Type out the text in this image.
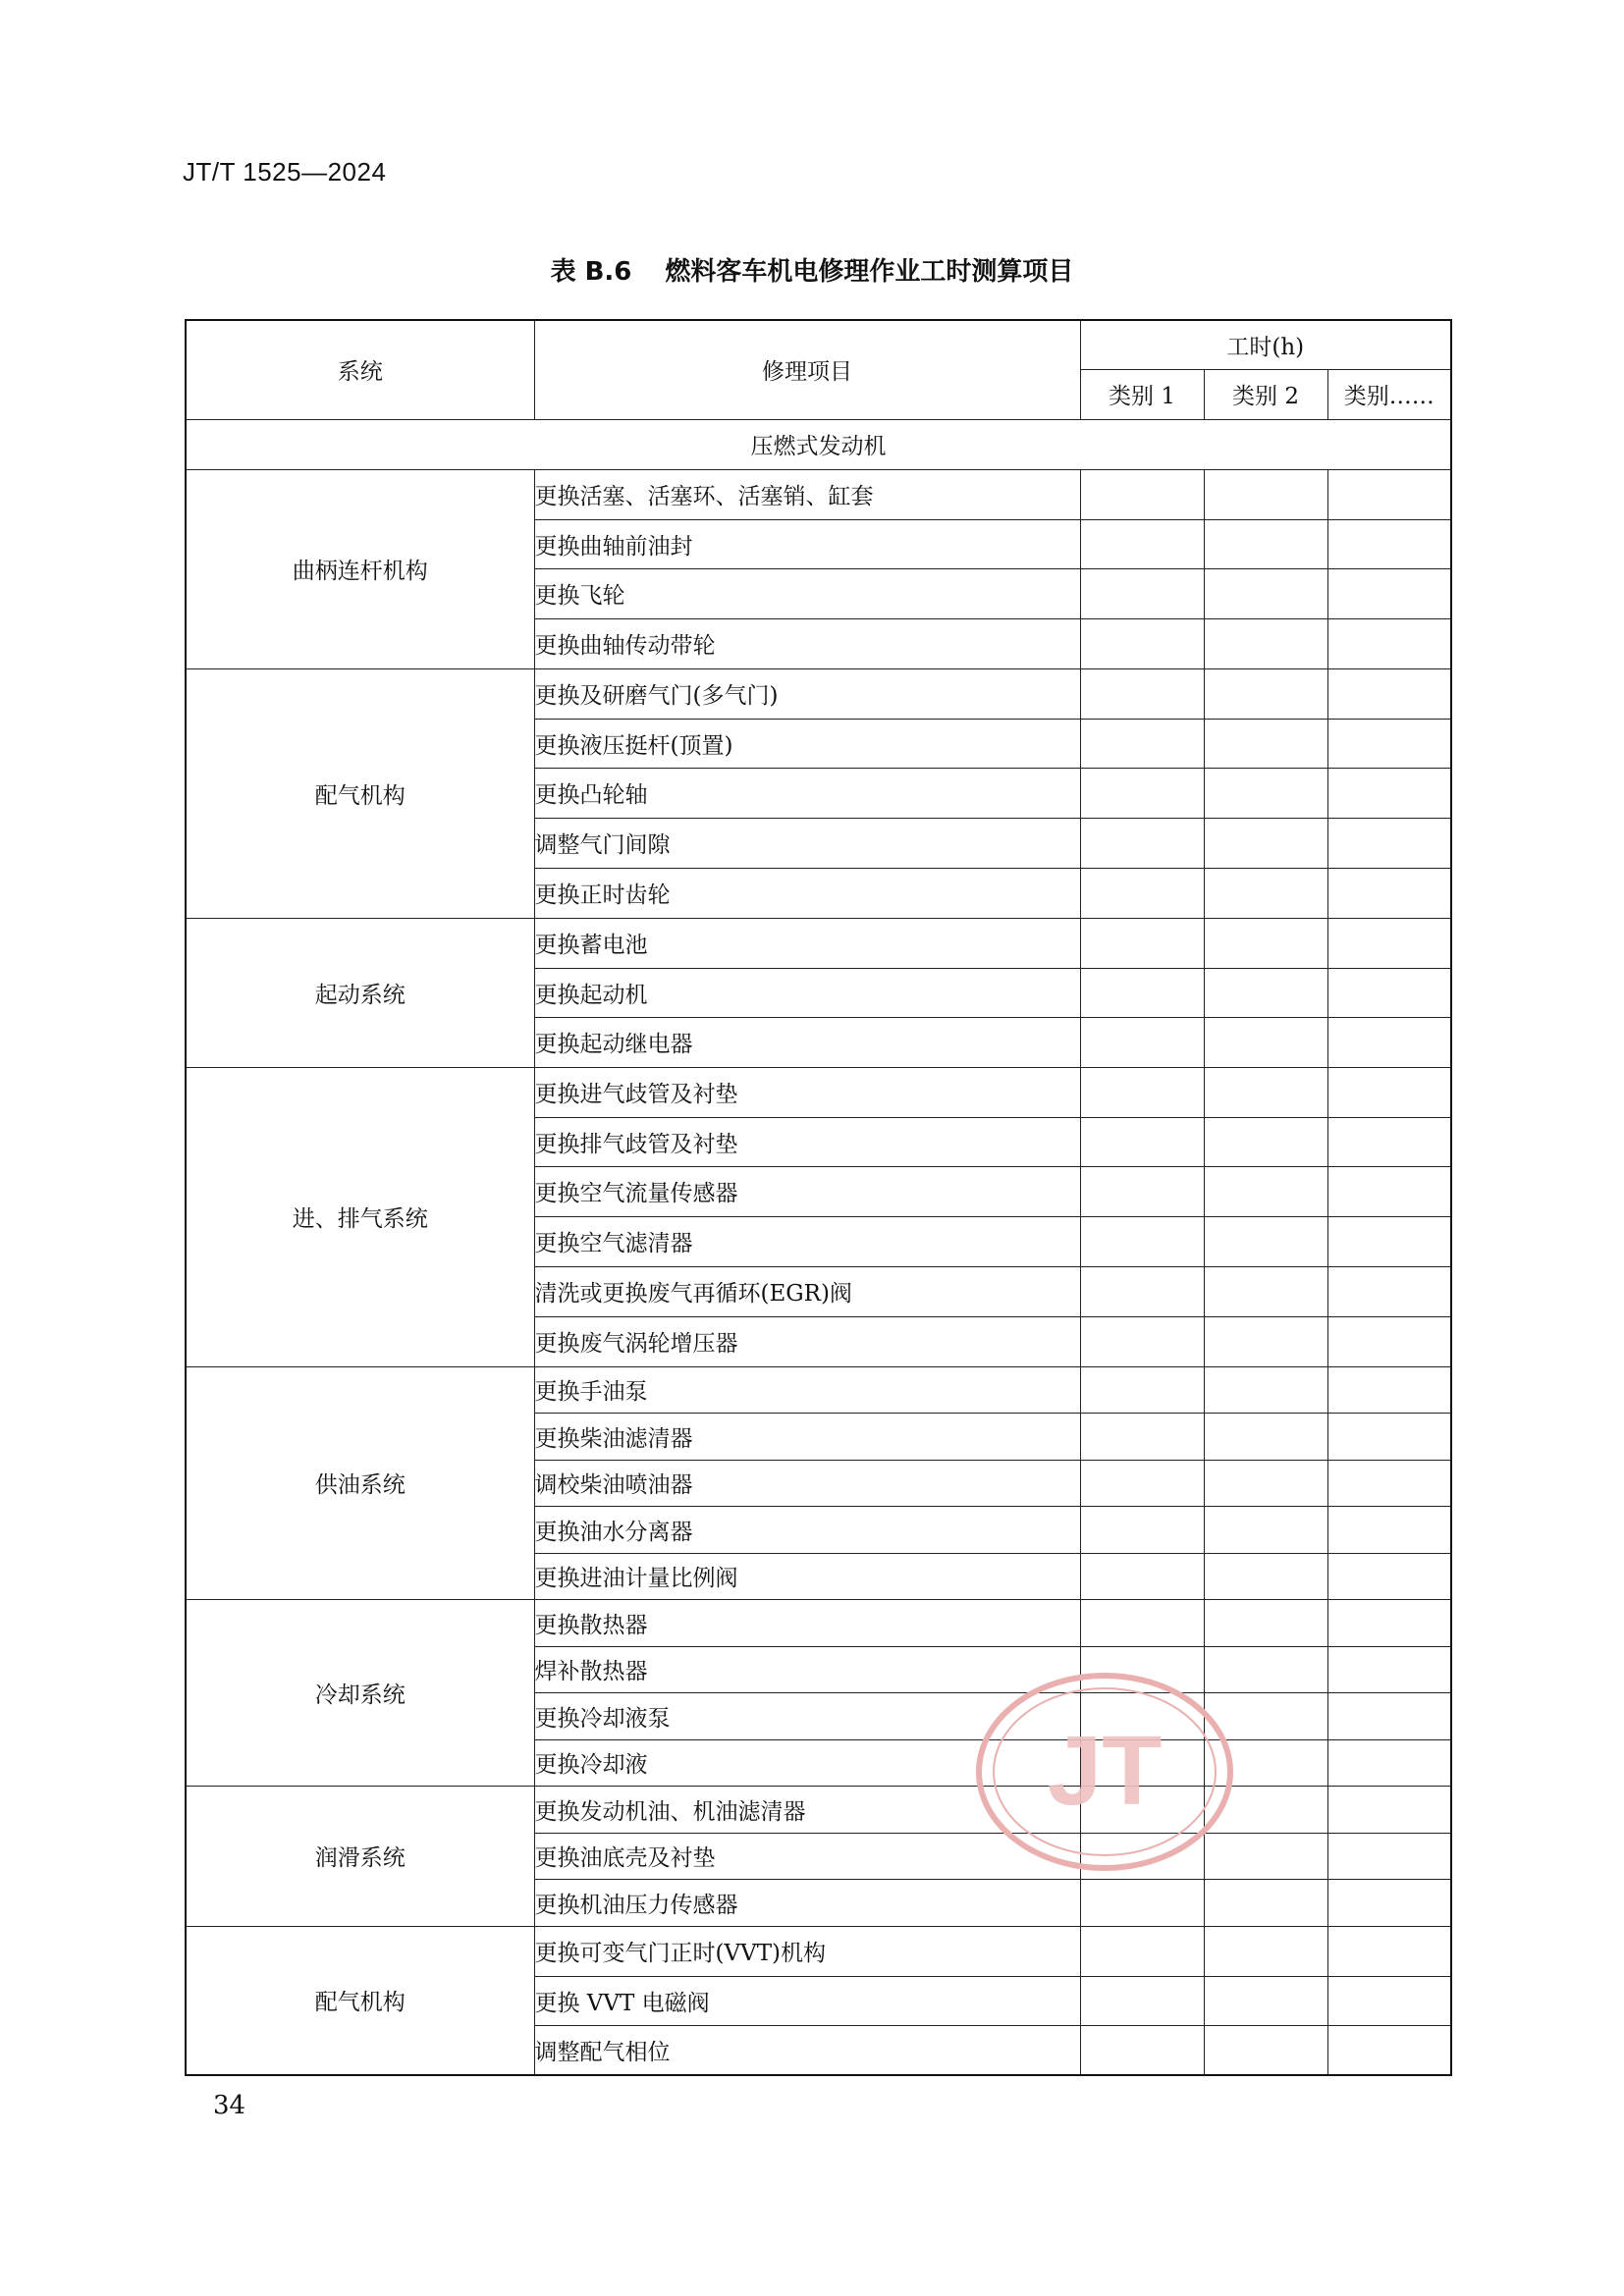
JT/T 1525—2024
表 B.6 燃料客车机电修理作业工时测算项目
系统	修理项目	工时(h)		
		类别 1	类别 2	类别……
压燃式发动机				
曲柄连杆机构	更换活塞、活塞环、活塞销、缸套			
	更换曲轴前油封			
	更换飞轮			
	更换曲轴传动带轮			
配气机构	更换及研磨气门(多气门)			
	更换液压挺杆(顶置)			
	更换凸轮轴			
	调整气门间隙			
	更换正时齿轮			
起动系统	更换蓄电池			
	更换起动机			
	更换起动继电器			
进、排气系统	更换进气歧管及衬垫			
	更换排气歧管及衬垫			
	更换空气流量传感器			
	更换空气滤清器			
	清洗或更换废气再循环(EGR)阀			
	更换废气涡轮增压器			
供油系统	更换手油泵			
	更换柴油滤清器			
	调校柴油喷油器			
	更换油水分离器			
	更换进油计量比例阀			
冷却系统	更换散热器			
	焊补散热器			
	更换冷却液泵			
	更换冷却液			
润滑系统	更换发动机油、机油滤清器			
	更换油底壳及衬垫			
	更换机油压力传感器			
配气机构	更换可变气门正时(VVT)机构			
	更换 VVT 电磁阀			
	调整配气相位			
34
JT
